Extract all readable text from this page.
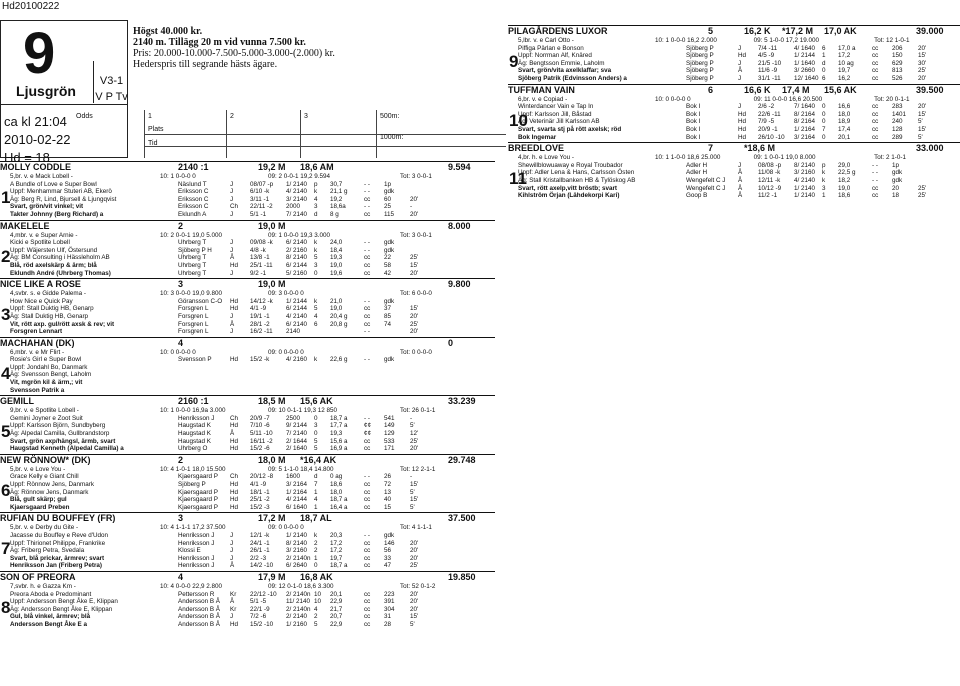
Hd20100222
9	V3-1
V P Tv
Ljusgrön
ca kl 21:04
2010-02-22
Hd = 18
Högst 40.000 kr.
2140 m. Tillägg 20 m vid vunna 7.500 kr.
Pris: 20.000-10.000-7.500-5.000-3.000-(2.000) kr.
Hederspris till segrande hästs ägare.
Odds	1	2	3	500m:
Plats
1000m:
Tid
MOLLY CODDLE	2140 :1	19,2 M 18,6 AM	9.594
5,br. v. e Mack Lobell -	10: 1 0-0-0 0	09: 2 0-0-1 19,2 9.594	Tot: 3 0-0-1
A Bundle of Love e Super Bowl	Näslund T	J	08/07 -p 1/ 2140 p 30,7	- - 1p
Uppf: Menhammar Stuteri AB, Ekerö	Eriksson C	J	6/10 -k	4/ 2140 k 21,1 g	- - gdk
Äg: Berg R, Lind, Bjursell & Ljungqvist	Eriksson C	J	3/11 -1	3/ 2140 4 19,2	cc 60	20'
Svart, grön/vit vinkel; vit	Eriksson C	Ch 22/11 -2 2000 3 18,6a	- - 25	-
Takter Johnny (Berg Richard) a	Eklundh A	J	5/1 -1	7/ 2140 d 8 g	cc 115	20'
1
MAKELELE	2	19,0 M	8.000
4,mbr. v. e Super Arnie -	10: 2 0-0-1 19,0 5.000	09: 1 0-0-0 19,3 3.000	Tot: 3 0-0-1
Kicki e Spotlite Lobell	Uhrberg T	J	09/08 -k 6/ 2140 k 24,0	- - gdk
Uppf: Wäjersten Ulf, Östersund	Sjöberg P H	J	4/8 -k	2/ 2160 k 18,4	- - gdk
Äg: BM Consulting i Hässleholm AB	Uhrberg T	Å	13/8 -1	8/ 2140 5 19,3	cc 22	25'
Blå, röd axelskärp & ärm; blå	Uhrberg T	Hd 25/1 -11 6/ 2144 3 19,0	cc 58	15'
Eklundh André (Uhrberg Thomas)	Uhrberg T	J	9/2 -1	5/ 2160 0 19,6	cc 42	20'
2
NICE LIKE A ROSE	3	19,0 M	9.800
4,svbr. s. e Gidde Palema -	10: 3 0-0-0 19,0 9.800	09: 3 0-0-0 0	Tot: 6 0-0-0
How Nice e Quick Pay	Göransson C-O Hd 14/12 -k 1/ 2144 k 21,0	- - gdk
Uppf: Stall Duktig HB, Genarp	Forsgren L	Hd 4/1 -9	6/ 2144 5 19,0	cc 37	15'
Äg: Stall Duktig HB, Genarp	Forsgren L	J	19/1 -1	4/ 2140 4 20,4 g	cc 85	20'
Vit, rött axp. gul/rött axsk & rev; vit	Forsgren L	Å	28/1 -2	6/ 2140 6 20,8 g	cc 74	25'
Forsgren Lennart	Forsgren L	J	16/2 -11 2140	- -	20'
3
MACHAHAN (DK)	4	0
6,mbr. v. e Mr Flirt -	10: 0 0-0-0 0	09: 0 0-0-0 0	Tot: 0 0-0-0
Rosie's Girl e Super Bowl	Svensson P	Hd 15/2 -k	4/ 2160 k 22,6 g	- - gdk
Uppf: Jondahl Bo, Danmark
Äg: Svensson Bengt, Laholm
Vit, mgrön kil & ärm,; vit
Svensson Patrik a
4
GEMILL	2160 :1	18,5 M 15,6 AK	33.239
9,br. v. e Spotlite Lobell -	10: 1 0-0-0 16,9a 3.000	09: 10 0-1-1 19,3 12 850	Tot: 26 0-1-1
Gemini Joyner e Zoot Suit	Henriksson J Ch 20/9 -7	2500 0 18,7 a	- - 541 -
Uppf: Karlsson Björn, Sundbyberg	Haugstad K	Hd 7/10 -6	9/ 2144 3 17,7 a	¢¢ 149 5'
Äg: Alpedal Camilla, Gullbrandstorp	Haugstad K	Å	5/11 -10 7/ 2140 0 19,3	¢¢ 129 12'
Svart, grön axp/hängsl, ärmb, svart	Haugstad K	Hd 16/11 -2 2/ 1644 5 15,6 a	cc 533 25'
Haugstad Kenneth (Alpedal Camilla) a	Uhrberg O	Hd 15/2 -6	2/ 1640 5 16,9 a	cc 171 20'
5
NEW RÖNNOW* (DK)	2	18,0 M *16,4 AK	29.748
5,br. v. e Love You -	10: 4 1-0-1 18,0 15.500	09: 5 1-1-0 18,4 14.800	Tot: 12 2-1-1
Grace Kelly e Giant Chill	Kjaersgaard P Ch 20/12 -8 1600 d 0 ag	- - 26	-
Uppf: Rönnow Jens, Danmark	Sjöberg P	Hd 4/1 -9	3/ 2164 7 18,6	cc 72	15'
Äg: Rönnow Jens, Danmark	Kjaersgaard P Hd 18/1 -1	1/ 2164 1 18,0	cc 13	5'
Blå, gult skärp; gul	Kjaersgaard P Hd 25/1 -2	4/ 2144 4 18,7 a	cc 40	15'
Kjaersgaard Preben	Kjaersgaard P Hd 15/2 -3	6/ 1640 1 16,4 a	cc 15	5'
6
RUFIAN DU BOUFFEY (FR)	3	17,2 M 18,7 AL	37.500
5,br. v. e Derby du Gite -	10: 4 1-1-1 17,2 37.500	09: 0 0-0-0 0	Tot: 4 1-1-1
Jacasse du Bouffey e Reve d'Udon	Henriksson J J	12/1 -k	1/ 2140 k 20,3	- - gdk
Uppf: Thirionet Philippe, Frankrike	Henriksson J J	24/1 -1	8/ 2140 2 17,2	cc 146 20'
Äg: Friberg Petra, Svedala	Klossi E	J	26/1 -1	3/ 2160 2 17,2	cc 56	20'
Svart, blå prickar, ärmrev; svart	Henriksson J J	2/2 -3	2/ 2140n 1 19,7	cc 33	20'
Henriksson Jan (Friberg Petra)	Henriksson J Å	14/2 -10 6/ 2640 0 18,7 a	cc 47	25'
7
SON OF PREORA	4	17,9 M 16,8 AK	19.850
7,svbr. h. e Gazza Km -	10: 4 0-0-0 22,9 2.800	09: 12 0-1-0 18,6 3.300	Tot: 52 0-1-2
Preora Aboda e Predominant	Pettersson R Kr 22/12 -10 2/ 2140n 10 20,1	cc 223 20'
Uppf: Andersson Bengt Åke E, Klippan	Andersson B Å Å	5/1 -5	11/ 2140 10 22,9	cc 391 20'
Äg: Andersson Bengt Åke E, Klippan	Andersson B Å Kr 22/1 -9	2/ 2140n 4 21,7	cc 304 20'
Gul, blå vinkel, ärmrev; blå	Andersson B Å J	7/2 -6	2/ 2140 2 20,7	cc 31	15'
Andersson Bengt Åke E a	Andersson B Å Hd 15/2 -10 1/ 2160 5 22,9	cc 28	5'
8
PILAGÅRDENS LUXOR	5	16,2 K *17,2 M 17,0 AK	39.000
5,lbr. v. e Carl Otto -	10: 1 0-0-0 16,2 2.000	09: 5 1-0-0 17,2 19.000	Tot: 12 1-0-1
Piffiga Pärlan e Bonson	Sjöberg P	J	7/4 -11	4/ 1640 6 17,0 a	cc 206 20'
Uppf: Norrman Alf, Knäred	Sjöberg P	Hd 4/5 -9	1/ 2144 1 17,2	cc 150 15'
Äg: Bengtsson Emmie, Laholm	Sjöberg P	J	21/5 -10 1/ 1640 d 10 ag	cc 629 30'
Svart, grön/vita axelklaffar; sva	Sjöberg P	Å	11/6 -9	3/ 2660 0 19,7	cc 813 25'
Sjöberg Patrik (Edvinsson Anders) a	Sjöberg P	J	31/1 -11 12/ 1640 6 16,2	cc 526 20'
9
TUFFMAN VAIN	6	16,6 K 17,4 M 15,6 AK	39.500
6,br. v. e Copiad -	10: 0 0-0-0 0	09: 11 0-0-0 16,6 20.500	Tot: 20 0-1-1
Winterdancer Vain e Tap In	Bok I	J	2/6 -2	7/ 1640 0 16,6	cc 283 20'
Uppf: Karlsson Jill, Båstad	Bok I	Hd 22/6 -11 8/ 2164 0 18,0	cc 1401 15'
Äg: Veterinär Jill Karlsson AB	Bok I	Hd 7/9 -5	8/ 2164 0 18,9	cc 240 5'
Svart, svarta stj på rött axelsk; röd	Bok I	Hd 20/9 -1	1/ 2164 7 17,4	cc 128 15'
Bok Ingemar	Bok I	Hd 26/10 -10 3/ 2164 0 20,1	cc 289 5'
10
BREEDLOVE	7	*18,6 M	33.000
4,br. h. e Love You -	10: 1 1-0-0 18,6 25.000	09: 1 0-0-1 19,0 8.000	Tot: 2 1-0-1
Shewillblowuaway e Royal Troubador	Adler H	J	08/08 -p 8/ 2140 p 29,0	- - 1p
Uppf: Adler Lena & Hans, Carlsson Östen	Adler H	Å	11/08 -k 3/ 2160 k 22,5 g	- - gdk
Äg: Stall Kristallbanken HB & Tylöskog AB	Wengefelt C J Å	12/11 -k 4/ 2140 k 18,2	- - gdk
Svart, rött axelp,vitt bröstb; svart	Wengefelt C J Å	10/12 -9 1/ 2140 3 19,0	cc 20	25'
Kihlström Örjan (Lähdekorpi Kari)	Goop B	Å	11/2 -1	1/ 2140 1 18,6	cc 18	25'
11
